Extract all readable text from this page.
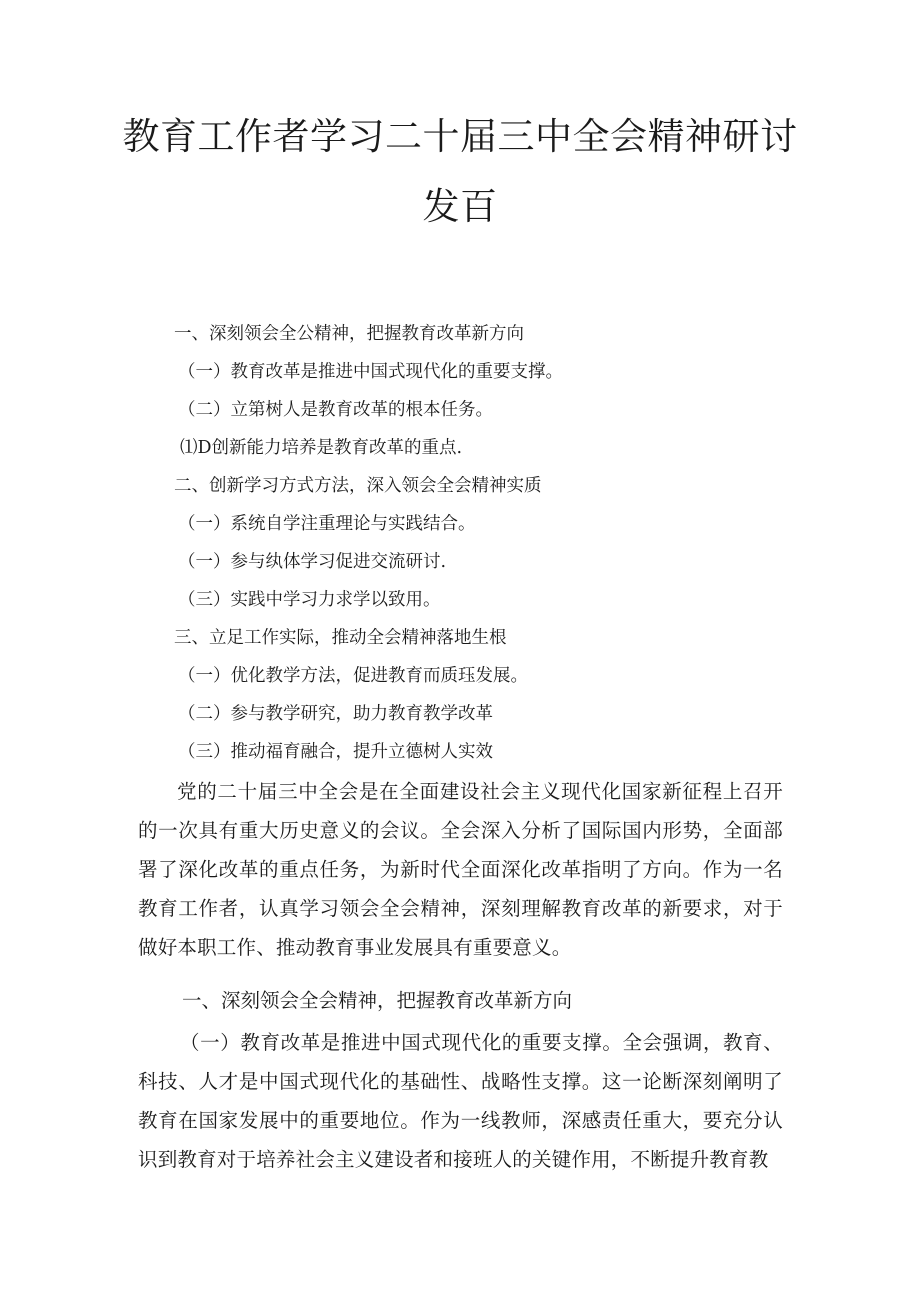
教育工作者学习二十届三中全会精神研讨
发百
一、深刻领会全公精神，把握教育改革新方向
（一）教育改革是推进中国式现代化的重要支撑。
（二）立第树人是教育改革的根本任务。
⑴D创新能力培养是教育改革的重点.
二、创新学习方式方法，深入领会全会精神实质
（一）系统自学注重理论与实践结合。
（一）参与纨体学习促进交流研讨.
（三）实践中学习力求学以致用。
三、立足工作实际，推动全会精神落地生根
（一）优化教学方法，促进教育而质珏发展。
（二）参与教学研究，助力教育教学改革
（三）推动福育融合，提升立德树人实效

党的二十届三中全会是在全面建设社会主义现代化国家新征程上召开的一次具有重大历史意义的会议。全会深入分析了国际国内形势，全面部署了深化改革的重点任务，为新时代全面深化改革指明了方向。作为一名教育工作者，认真学习领会全会精神，深刻理解教育改革的新要求，对于做好本职工作、推动教育事业发展具有重要意义。

一、深刻领会全会精神，把握教育改革新方向

（一）教育改革是推进中国式现代化的重要支撑。全会强调，教育、科技、人才是中国式现代化的基础性、战略性支撑。这一论断深刻阐明了教育在国家发展中的重要地位。作为一线教师，深感责任重大，要充分认识到教育对于培养社会主义建设者和接班人的关键作用，不断提升教育教
